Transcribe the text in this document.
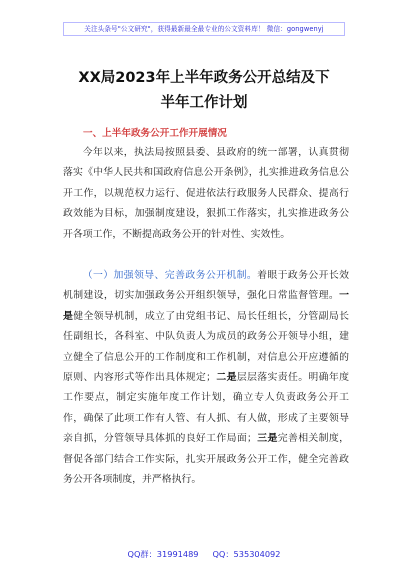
关注头条号"公文研究"，获得最新最全最专业的公文资料库！ 微信：gongwenyj
XX局2023年上半年政务公开总结及下
半年工作计划
一、上半年政务公开工作开展情况

今年以来，执法局按照县委、县政府的统一部署，认真贯彻落实《中华人民共和国政府信息公开条例》，扎实推进政务信息公开工作，以规范权力运行、促进依法行政服务人民群众、提高行政效能为目标，加强制度建设，狠抓工作落实，扎实推进政务公开各项工作，不断提高政务公开的针对性、实效性。

（一）加强领导、完善政务公开机制。着眼于政务公开长效机制建设，切实加强政务公开组织领导，强化日常监督管理。一是健全领导机制，成立了由党组书记、局长任组长，分管副局长任副组长，各科室、中队负责人为成员的政务公开领导小组，建立健全了信息公开的工作制度和工作机制，对信息公开应遵循的原则、内容形式等作出具体规定；二是层层落实责任。明确年度工作要点，制定实施年度工作计划，确立专人负责政务公开工作，确保了此项工作有人管、有人抓、有人做，形成了主要领导亲自抓，分管领导具体抓的良好工作局面；三是完善相关制度，督促各部门结合工作实际，扎实开展政务公开工作，健全完善政务公开各项制度，并严格执行。

QQ群：31991489 QQ：535304092
